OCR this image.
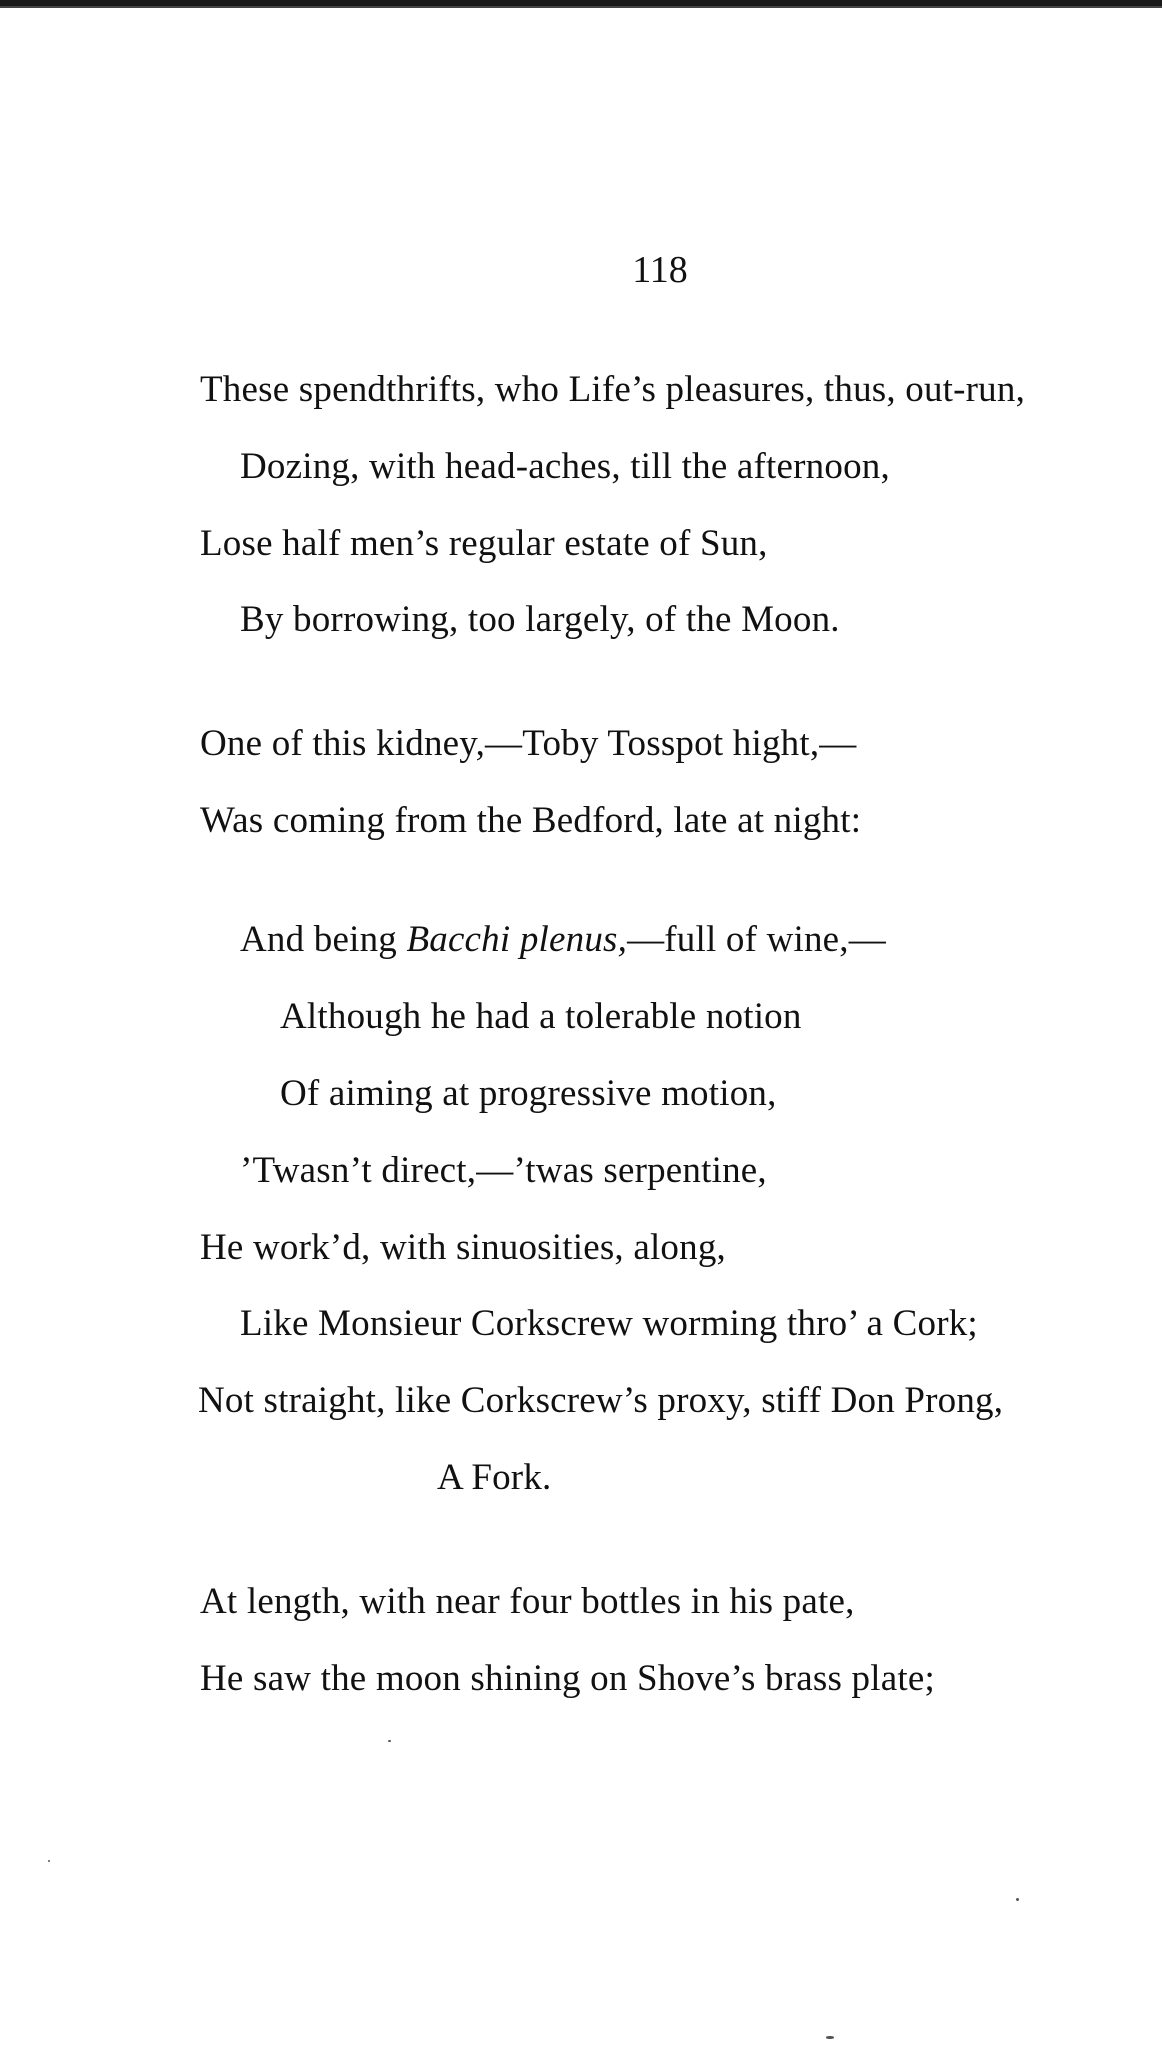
118
These spendthrifts, who Life’s pleasures, thus, out-run,
Dozing, with head-aches, till the afternoon,
Lose half men’s regular estate of Sun,
By borrowing, too largely, of the Moon.
One of this kidney,—Toby Tosspot hight,—
Was coming from the Bedford, late at night:
And being Bacchi plenus,—full of wine,—
Although he had a tolerable notion
Of aiming at progressive motion,
’Twasn’t direct,—’twas serpentine,
He work’d, with sinuosities, along,
Like Monsieur Corkscrew worming thro’ a Cork;
Not straight, like Corkscrew’s proxy, stiff Don Prong,
A Fork.
At length, with near four bottles in his pate,
He saw the moon shining on Shove’s brass plate;
